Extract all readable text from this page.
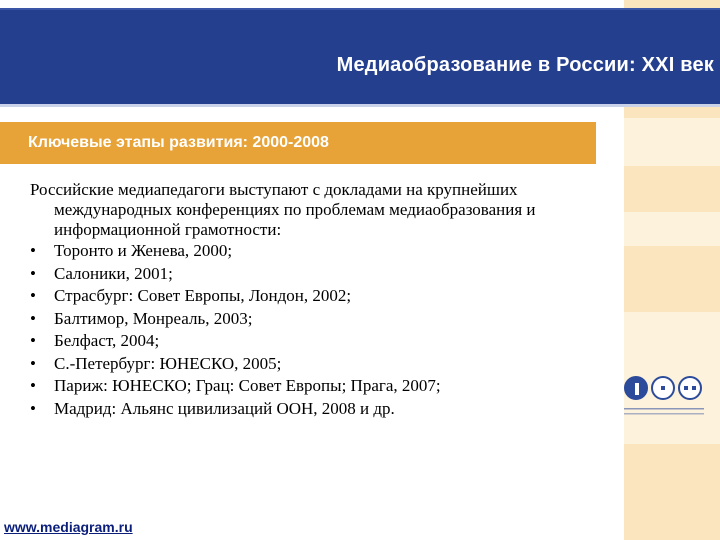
Медиаобразование в России: XXI век
Ключевые этапы развития: 2000-2008

Российские медиапедагоги выступают с докладами на крупнейших международных конференциях по проблемам медиаобразования и информационной грамотности:

• Торонто и Женева, 2000;
• Салоники, 2001;
• Страсбург: Совет Европы, Лондон, 2002;
• Балтимор, Монреаль, 2003;
• Белфаст, 2004;
• С.-Петербург: ЮНЕСКО, 2005;
• Париж: ЮНЕСКО; Грац: Совет Европы; Прага, 2007;
• Мадрид: Альянс цивилизаций ООН, 2008 и др.
www.mediagram.ru
